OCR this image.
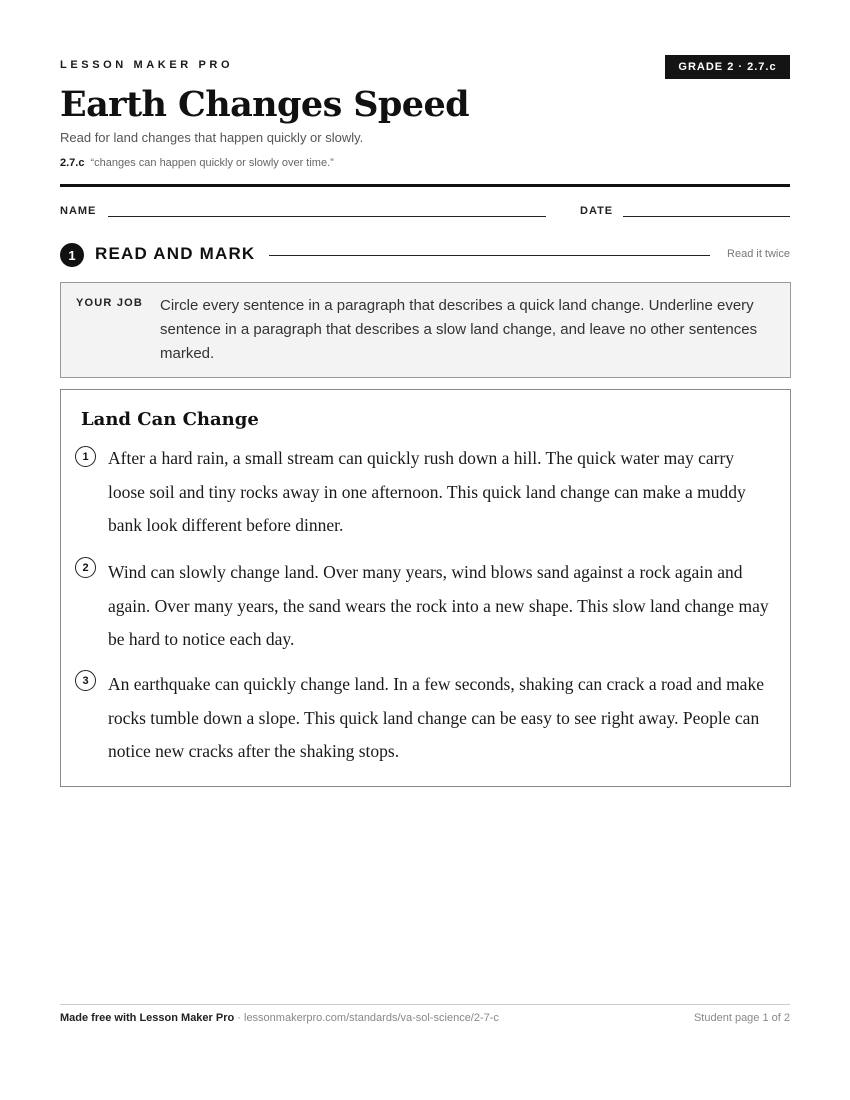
LESSON MAKER PRO	GRADE 2 · 2.7.c
Earth Changes Speed
Read for land changes that happen quickly or slowly.
2.7.c “changes can happen quickly or slowly over time.”
NAME	DATE
1	READ AND MARK	Read it twice
YOUR JOB Circle every sentence in a paragraph that describes a quick land change. Underline every sentence in a paragraph that describes a slow land change, and leave no other sentences marked.
Land Can Change
1	After a hard rain, a small stream can quickly rush down a hill. The quick water may carry loose soil and tiny rocks away in one afternoon. This quick land change can make a muddy bank look different before dinner.
2	Wind can slowly change land. Over many years, wind blows sand against a rock again and again. Over many years, the sand wears the rock into a new shape. This slow land change may be hard to notice each day.
3	An earthquake can quickly change land. In a few seconds, shaking can crack a road and make rocks tumble down a slope. This quick land change can be easy to see right away. People can notice new cracks after the shaking stops.
Made free with Lesson Maker Pro · lessonmakerpro.com/standards/va-sol-science/2-7-c	Student page 1 of 2
